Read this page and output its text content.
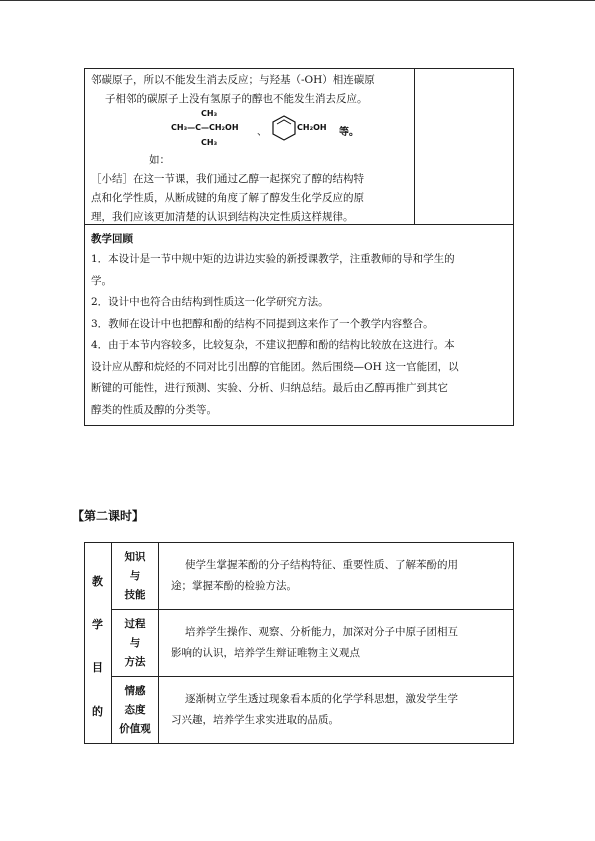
邻碳原子，所以不能发生消去反应；与羟基（-OH）相连碳原
子相邻的碳原子上没有氢原子的醇也不能发生消去反应。
CH₃
CH₃—C—CH₂OH
CH₃
、	CH₂OH 等。
如：
［小结］在这一节课，我们通过乙醇一起探究了醇的结构特
点和化学性质，从断成键的角度了解了醇发生化学反应的原
理，我们应该更加清楚的认识到结构决定性质这样规律。
教学回顾
1．本设计是一节中规中矩的边讲边实验的新授课教学，注重教师的导和学生的
学。
2．设计中也符合由结构到性质这一化学研究方法。
3．教师在设计中也把醇和酚的结构不同提到这来作了一个教学内容整合。
4．由于本节内容较多，比较复杂，不建议把醇和酚的结构比较放在这进行。本
设计应从醇和烷烃的不同对比引出醇的官能团。然后围绕—OH 这一官能团，以
断键的可能性，进行预测、实验、分析、归纳总结。最后由乙醇再推广到其它
醇类的性质及醇的分类等。
【第二课时】
教
学
目
的
知识
与
技能
使学生掌握苯酚的分子结构特征、重要性质、了解苯酚的用
途；掌握苯酚的检验方法。
过程
与
方法
培养学生操作、观察、分析能力，加深对分子中原子团相互
影响的认识，培养学生辩证唯物主义观点
情感
态度
价值观
逐渐树立学生透过现象看本质的化学学科思想，激发学生学
习兴趣，培养学生求实进取的品质。
